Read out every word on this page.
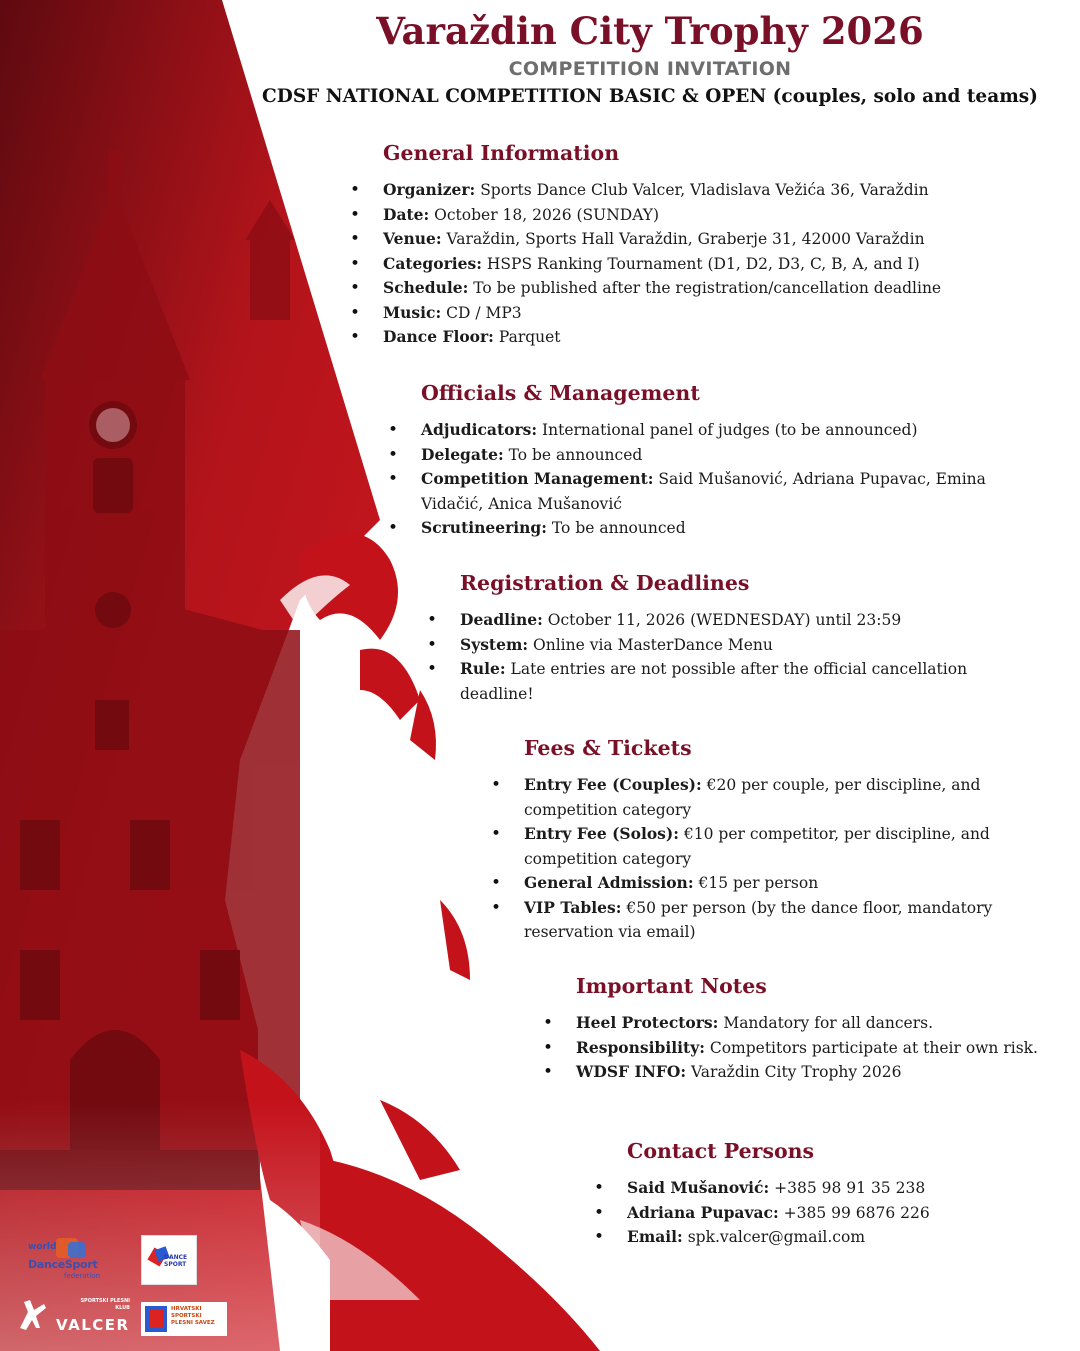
Varaždin City Trophy 2026
COMPETITION INVITATION
CDSF NATIONAL COMPETITION BASIC & OPEN (couples, solo and teams)
General Information
• Organizer: Sports Dance Club Valcer, Vladislava Vežića 36, Varaždin
• Date: October 18, 2026 (SUNDAY)
• Venue: Varaždin, Sports Hall Varaždin, Graberje 31, 42000 Varaždin
• Categories: HSPS Ranking Tournament (D1, D2, D3, C, B, A, and I)
• Schedule: To be published after the registration/cancellation deadline
• Music: CD / MP3
• Dance Floor: Parquet
Officials & Management
• Adjudicators: International panel of judges (to be announced)
• Delegate: To be announced
• Competition Management: Said Mušanović, Adriana Pupavac, Emina Vidačić, Anica Mušanović
• Scrutineering: To be announced
Registration & Deadlines
• Deadline: October 11, 2026 (WEDNESDAY) until 23:59
• System: Online via MasterDance Menu
• Rule: Late entries are not possible after the official cancellation deadline!
Fees & Tickets
• Entry Fee (Couples): €20 per couple, per discipline, and competition category
• Entry Fee (Solos): €10 per competitor, per discipline, and competition category
• General Admission: €15 per person
• VIP Tables: €50 per person (by the dance floor, mandatory reservation via email)
Important Notes
• Heel Protectors: Mandatory for all dancers.
• Responsibility: Competitors participate at their own risk.
• WDSF INFO: Varaždin City Trophy 2026
Contact Persons
• Said Mušanović: +385 98 91 35 238
• Adriana Pupavac: +385 99 6876 226
• Email: spk.valcer@gmail.com
world
DanceSport
federation
DANCE SPORT
SPORTSKI PLESNI KLUB
VALCER
HRVATSKI SPORTSKI PLESNI SAVEZ
